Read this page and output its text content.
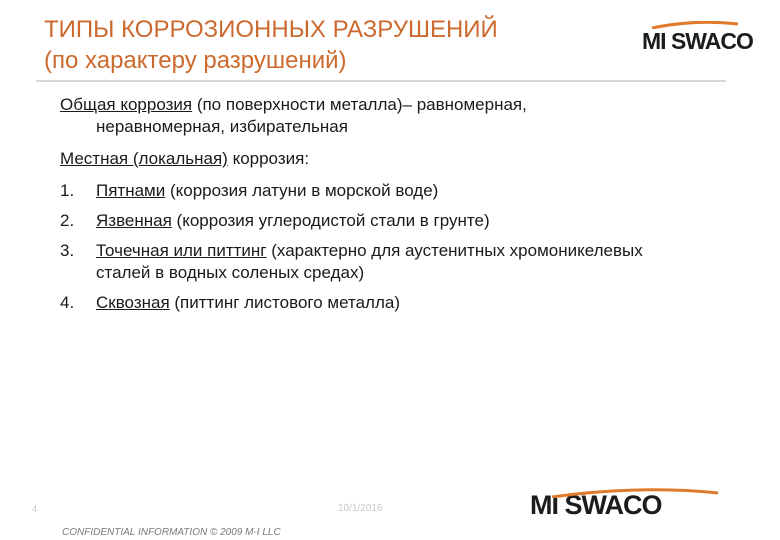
ТИПЫ КОРРОЗИОННЫХ РАЗРУШЕНИЙ
(по характеру разрушений)
MI SWACO

Общая коррозия (по поверхности металла)– равномерная,
неравномерная, избирательная

Местная (локальная) коррозия:

1. Пятнами (коррозия латуни в морской воде)
2. Язвенная (коррозия углеродистой стали в грунте)
3. Точечная или питтинг (характерно для аустенитных хромоникелевых сталей в водных соленых средах)
4. Сквозная (питтинг листового металла)
4	10/1/2016	MI SWACO
CONFIDENTIAL INFORMATION © 2009 M-I LLC
